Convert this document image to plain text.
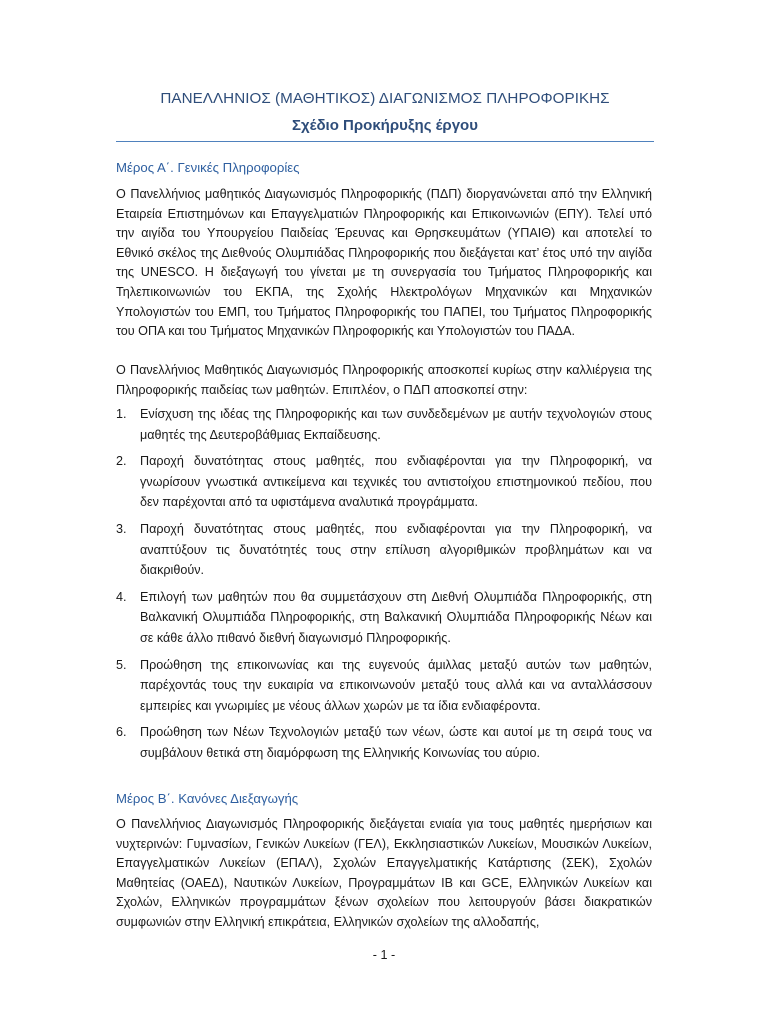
ΠΑΝΕΛΛΗΝΙΟΣ (ΜΑΘΗΤΙΚΟΣ) ΔΙΑΓΩΝΙΣΜΟΣ ΠΛΗΡΟΦΟΡΙΚΗΣ
Σχέδιο Προκήρυξης έργου
Μέρος Α΄. Γενικές Πληροφορίες
Ο Πανελλήνιος μαθητικός Διαγωνισμός Πληροφορικής (ΠΔΠ) διοργανώνεται από την Ελληνική Εταιρεία Επιστημόνων και Επαγγελματιών Πληροφορικής και Επικοινωνιών (ΕΠΥ). Τελεί υπό την αιγίδα του Υπουργείου Παιδείας Έρευνας και Θρησκευμάτων (ΥΠΑΙΘ) και αποτελεί το Εθνικό σκέλος της Διεθνούς Ολυμπιάδας Πληροφορικής που διεξάγεται κατ’ έτος υπό την αιγίδα της UNESCO. Η διεξαγωγή του γίνεται με τη συνεργασία του Τμήματος Πληροφορικής και Τηλεπικοινωνιών του ΕΚΠΑ, της Σχολής Ηλεκτρολόγων Μηχανικών και Μηχανικών Υπολογιστών του ΕΜΠ, του Τμήματος Πληροφορικής του ΠΑΠΕΙ, του Τμήματος Πληροφορικής του ΟΠΑ και του Τμήματος Μηχανικών Πληροφορικής και Υπολογιστών του ΠΑΔΑ.
Ο Πανελλήνιος Μαθητικός Διαγωνισμός Πληροφορικής αποσκοπεί κυρίως στην καλλιέργεια της Πληροφορικής παιδείας των μαθητών. Επιπλέον, ο ΠΔΠ αποσκοπεί στην:
1. Ενίσχυση της ιδέας της Πληροφορικής και των συνδεδεμένων με αυτήν τεχνολογιών στους μαθητές της Δευτεροβάθμιας Εκπαίδευσης.
2. Παροχή δυνατότητας στους μαθητές, που ενδιαφέρονται για την Πληροφορική, να γνωρίσουν γνωστικά αντικείμενα και τεχνικές του αντιστοίχου επιστημονικού πεδίου, που δεν παρέχονται από τα υφιστάμενα αναλυτικά προγράμματα.
3. Παροχή δυνατότητας στους μαθητές, που ενδιαφέρονται για την Πληροφορική, να αναπτύξουν τις δυνατότητές τους στην επίλυση αλγοριθμικών προβλημάτων και να διακριθούν.
4. Επιλογή των μαθητών που θα συμμετάσχουν στη Διεθνή Ολυμπιάδα Πληροφορικής, στη Βαλκανική Ολυμπιάδα Πληροφορικής, στη Βαλκανική Ολυμπιάδα Πληροφορικής Νέων και σε κάθε άλλο πιθανό διεθνή διαγωνισμό Πληροφορικής.
5. Προώθηση της επικοινωνίας και της ευγενούς άμιλλας μεταξύ αυτών των μαθητών, παρέχοντάς τους την ευκαιρία να επικοινωνούν μεταξύ τους αλλά και να ανταλλάσσουν εμπειρίες και γνωριμίες με νέους άλλων χωρών με τα ίδια ενδιαφέροντα.
6. Προώθηση των Νέων Τεχνολογιών μεταξύ των νέων, ώστε και αυτοί με τη σειρά τους να συμβάλουν θετικά στη διαμόρφωση της Ελληνικής Κοινωνίας του αύριο.
Μέρος Β΄. Κανόνες Διεξαγωγής
Ο Πανελλήνιος Διαγωνισμός Πληροφορικής διεξάγεται ενιαία για τους μαθητές ημερήσιων και νυχτερινών: Γυμνασίων, Γενικών Λυκείων (ΓΕΛ), Εκκλησιαστικών Λυκείων, Μουσικών Λυκείων, Επαγγελματικών Λυκείων (ΕΠΑΛ), Σχολών Επαγγελματικής Κατάρτισης (ΣΕΚ), Σχολών Μαθητείας (ΟΑΕΔ), Ναυτικών Λυκείων, Προγραμμάτων IB και GCE, Ελληνικών Λυκείων και Σχολών, Ελληνικών προγραμμάτων ξένων σχολείων που λειτουργούν βάσει διακρατικών συμφωνιών στην Ελληνική επικράτεια, Ελληνικών σχολείων της αλλοδαπής,
- 1 -
